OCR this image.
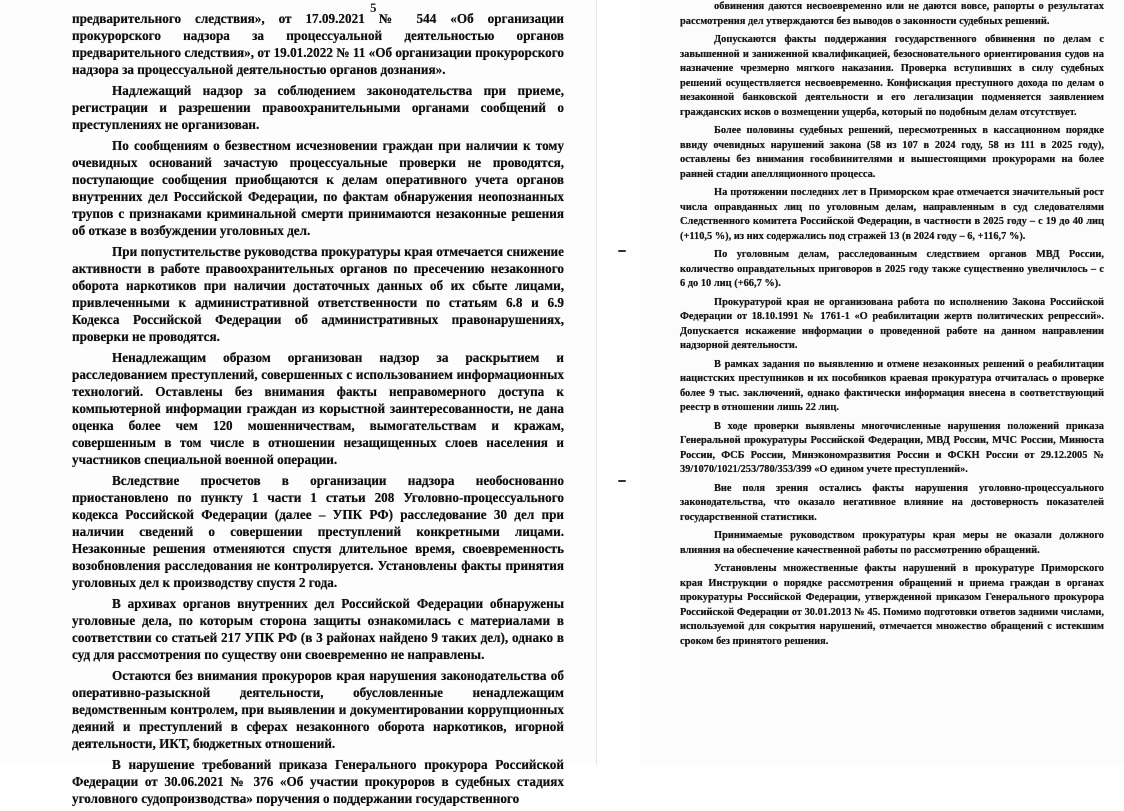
5

предварительного следствия», от 17.09.2021 № 544 «Об организации прокурорского надзора за процессуальной деятельностью органов предварительного следствия», от 19.01.2022 № 11 «Об организации прокурорского надзора за процессуальной деятельностью органов дознания».

Надлежащий надзор за соблюдением законодательства при приеме, регистрации и разрешении правоохранительными органами сообщений о преступлениях не организован.

По сообщениям о безвестном исчезновении граждан при наличии к тому очевидных оснований зачастую процессуальные проверки не проводятся, поступающие сообщения приобщаются к делам оперативного учета органов внутренних дел Российской Федерации, по фактам обнаружения неопознанных трупов с признаками криминальной смерти принимаются незаконные решения об отказе в возбуждении уголовных дел.

При попустительстве руководства прокуратуры края отмечается снижение активности в работе правоохранительных органов по пресечению незаконного оборота наркотиков при наличии достаточных данных об их сбыте лицами, привлеченными к административной ответственности по статьям 6.8 и 6.9 Кодекса Российской Федерации об административных правонарушениях, проверки не проводятся.

Ненадлежащим образом организован надзор за раскрытием и расследованием преступлений, совершенных с использованием информационных технологий. Оставлены без внимания факты неправомерного доступа к компьютерной информации граждан из корыстной заинтересованности, не дана оценка более чем 120 мошенничествам, вымогательствам и кражам, совершенным в том числе в отношении незащищенных слоев населения и участников специальной военной операции.

Вследствие просчетов в организации надзора необоснованно приостановлено по пункту 1 части 1 статьи 208 Уголовно-процессуального кодекса Российской Федерации (далее – УПК РФ) расследование 30 дел при наличии сведений о совершении преступлений конкретными лицами. Незаконные решения отменяются спустя длительное время, своевременность возобновления расследования не контролируется. Установлены факты принятия уголовных дел к производству спустя 2 года.

В архивах органов внутренних дел Российской Федерации обнаружены уголовные дела, по которым сторона защиты ознакомилась с материалами в соответствии со статьей 217 УПК РФ (в 3 районах найдено 9 таких дел), однако в суд для рассмотрения по существу они своевременно не направлены.

Остаются без внимания прокуроров края нарушения законодательства об оперативно-разыскной деятельности, обусловленные ненадлежащим ведомственным контролем, при выявлении и документировании коррупционных деяний и преступлений в сферах незаконного оборота наркотиков, игорной деятельности, ИКТ, бюджетных отношений.

В нарушение требований приказа Генерального прокурора Российской Федерации от 30.06.2021 № 376 «Об участии прокуроров в судебных стадиях уголовного судопроизводства» поручения о поддержании государственного

обвинения даются несвоевременно или не даются вовсе, рапорты о результатах рассмотрения дел утверждаются без выводов о законности судебных решений.

Допускаются факты поддержания государственного обвинения по делам с завышенной и заниженной квалификацией, безосновательного ориентирования судов на назначение чрезмерно мягкого наказания. Проверка вступивших в силу судебных решений осуществляется несвоевременно. Конфискация преступного дохода по делам о незаконной банковской деятельности и его легализации подменяется заявлением гражданских исков о возмещении ущерба, который по подобным делам отсутствует.

Более половины судебных решений, пересмотренных в кассационном порядке ввиду очевидных нарушений закона (58 из 107 в 2024 году, 58 из 111 в 2025 году), оставлены без внимания гособвинителями и вышестоящими прокурорами на более ранней стадии апелляционного процесса.

На протяжении последних лет в Приморском крае отмечается значительный рост числа оправданных лиц по уголовным делам, направленным в суд следователями Следственного комитета Российской Федерации, в частности в 2025 году – с 19 до 40 лиц (+110,5 %), из них содержались под стражей 13 (в 2024 году – 6, +116,7 %).

По уголовным делам, расследованным следствием органов МВД России, количество оправдательных приговоров в 2025 году также существенно увеличилось – с 6 до 10 лиц (+66,7 %).

Прокуратурой края не организована работа по исполнению Закона Российской Федерации от 18.10.1991 № 1761-1 «О реабилитации жертв политических репрессий». Допускается искажение информации о проведенной работе на данном направлении надзорной деятельности.

В рамках задания по выявлению и отмене незаконных решений о реабилитации нацистских преступников и их пособников краевая прокуратура отчиталась о проверке более 9 тыс. заключений, однако фактически информация внесена в соответствующий реестр в отношении лишь 22 лиц.

В ходе проверки выявлены многочисленные нарушения положений приказа Генеральной прокуратуры Российской Федерации, МВД России, МЧС России, Минюста России, ФСБ России, Минэкономразвития России и ФСКН России от 29.12.2005 № 39/1070/1021/253/780/353/399 «О едином учете преступлений».

Вне поля зрения остались факты нарушения уголовно-процессуального законодательства, что оказало негативное влияние на достоверность показателей государственной статистики.

Принимаемые руководством прокуратуры края меры не оказали должного влияния на обеспечение качественной работы по рассмотрению обращений.

Установлены множественные факты нарушений в прокуратуре Приморского края Инструкции о порядке рассмотрения обращений и приема граждан в органах прокуратуры Российской Федерации, утвержденной приказом Генерального прокурора Российской Федерации от 30.01.2013 № 45. Помимо подготовки ответов задними числами, используемой для сокрытия нарушений, отмечается множество обращений с истекшим сроком без принятого решения.
